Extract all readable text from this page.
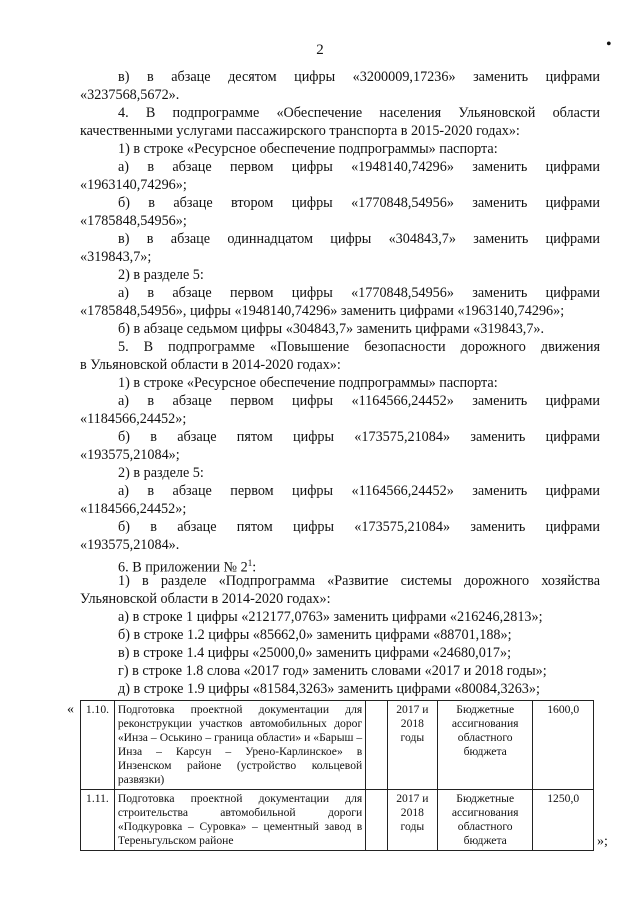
2	•
в) в абзаце десятом цифры «3200009,17236» заменить цифрами
«3237568,5672».
4. В подпрограмме «Обеспечение населения Ульяновской области
качественными услугами пассажирского транспорта в 2015-2020 годах»:
1) в строке «Ресурсное обеспечение подпрограммы» паспорта:
а) в абзаце первом цифры «1948140,74296» заменить цифрами
«1963140,74296»;
б) в абзаце втором цифры «1770848,54956» заменить цифрами
«1785848,54956»;
в) в абзаце одиннадцатом цифры «304843,7» заменить цифрами
«319843,7»;
2) в разделе 5:
а) в абзаце первом цифры «1770848,54956» заменить цифрами
«1785848,54956», цифры «1948140,74296» заменить цифрами «1963140,74296»;
б) в абзаце седьмом цифры «304843,7» заменить цифрами «319843,7».
5. В подпрограмме «Повышение безопасности дорожного движения
в Ульяновской области в 2014-2020 годах»:
1) в строке «Ресурсное обеспечение подпрограммы» паспорта:
а) в абзаце первом цифры «1164566,24452» заменить цифрами
«1184566,24452»;
б) в абзаце пятом цифры «173575,21084» заменить цифрами
«193575,21084»;
2) в разделе 5:
а) в абзаце первом цифры «1164566,24452» заменить цифрами
«1184566,24452»;
б) в абзаце пятом цифры «173575,21084» заменить цифрами
«193575,21084».
6. В приложении № $2^1$:
1) в разделе «Подпрограмма «Развитие системы дорожного хозяйства
Ульяновской области в 2014-2020 годах»:
а) в строке 1 цифры «212177,0763» заменить цифрами «216246,2813»;
б) в строке 1.2 цифры «85662,0» заменить цифрами «88701,188»;
в) в строке 1.4 цифры «25000,0» заменить цифрами «24680,017»;
г) в строке 1.8 слова «2017 год» заменить словами «2017 и 2018 годы»;
д) в строке 1.9 цифры «81584,3263» заменить цифрами «80084,3263»;
« 1.10.	Подготовка проектной документации для реконструкции участков автомобильных дорог «Инза – Оськино – граница области» и «Барыш – Инза – Карсун – Урено-Карлинское» в Инзенском районе (устройство кольцевой развязки)		2017 и 2018 годы	Бюджетные ассигнования областного бюджета	1600,0
1.11.	Подготовка проектной документации для строительства автомобильной дороги «Подкуровка – Суровка» – цементный завод в Тереньгульском районе		2017 и 2018 годы	Бюджетные ассигнования областного бюджета	1250,0
»;
